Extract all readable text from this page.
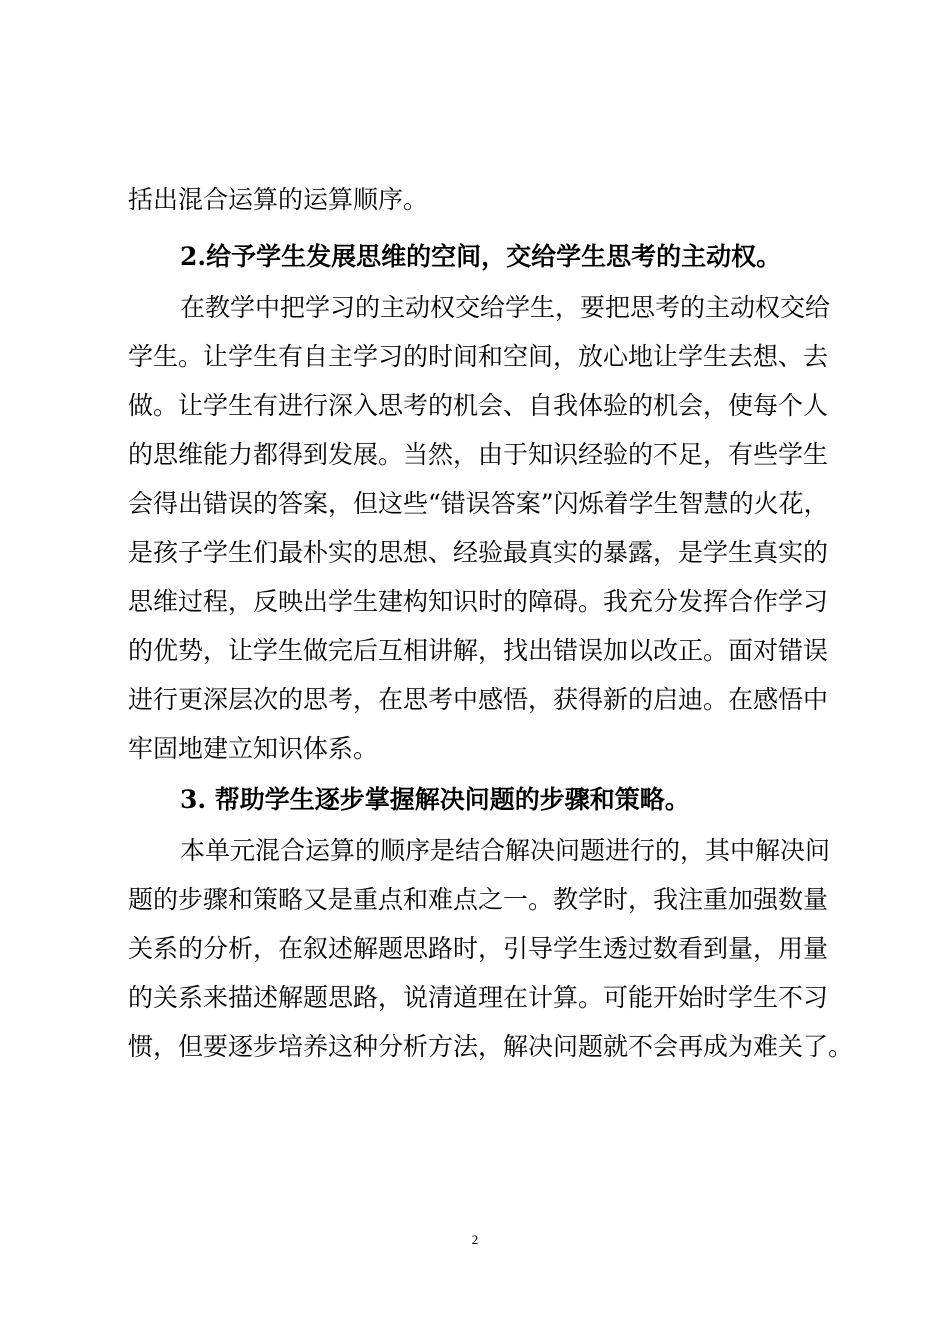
括出混合运算的运算顺序。
2.给予学生发展思维的空间，交给学生思考的主动权。
在教学中把学习的主动权交给学生，要把思考的主动权交给
学生。让学生有自主学习的时间和空间，放心地让学生去想、去
做。让学生有进行深入思考的机会、自我体验的机会，使每个人
的思维能力都得到发展。当然，由于知识经验的不足，有些学生
会得出错误的答案，但这些“错误答案”闪烁着学生智慧的火花，
是孩子学生们最朴实的思想、经验最真实的暴露，是学生真实的
思维过程，反映出学生建构知识时的障碍。我充分发挥合作学习
的优势，让学生做完后互相讲解，找出错误加以改正。面对错误
进行更深层次的思考，在思考中感悟，获得新的启迪。在感悟中
牢固地建立知识体系。
3. 帮助学生逐步掌握解决问题的步骤和策略。
本单元混合运算的顺序是结合解决问题进行的，其中解决问
题的步骤和策略又是重点和难点之一。教学时，我注重加强数量
关系的分析，在叙述解题思路时，引导学生透过数看到量，用量
的关系来描述解题思路，说清道理在计算。可能开始时学生不习
惯，但要逐步培养这种分析方法，解决问题就不会再成为难关了。
2
